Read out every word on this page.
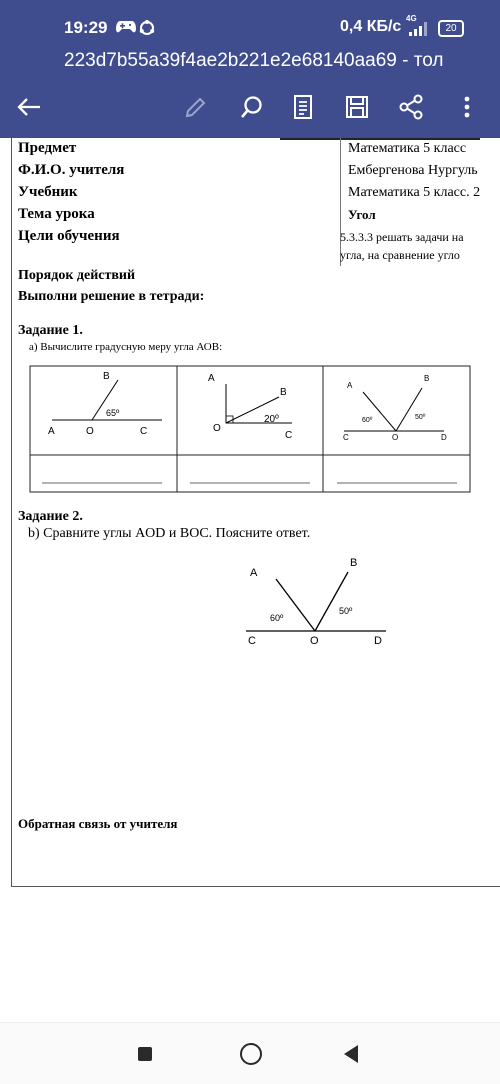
19:29	0,4 КБ/с 4G
20
223d7b55a39f4ae2b221e2e68140aa69 - тол
Предмет	Математика 5 класс
Ф.И.О. учителя	Ембергенова Нургуль
Учебник	Математика 5 класс. 2
Тема урока	Угол
Цели обучения	5.3.3.3 решать задачи на
угла, на сравнение угло
Порядок действий
Выполни решение в тетради:
Задание 1.
а) Вычислите градусную меру угла АОВ:
B
A	O	C
65º
A
B
O
C
20º
A
B
C	O	D
60º	50º
A
B
C	O	D
60º
50º
Задание 2.
b) Сравните углы AOD и BOC. Поясните ответ.
Обратная связь от учителя
